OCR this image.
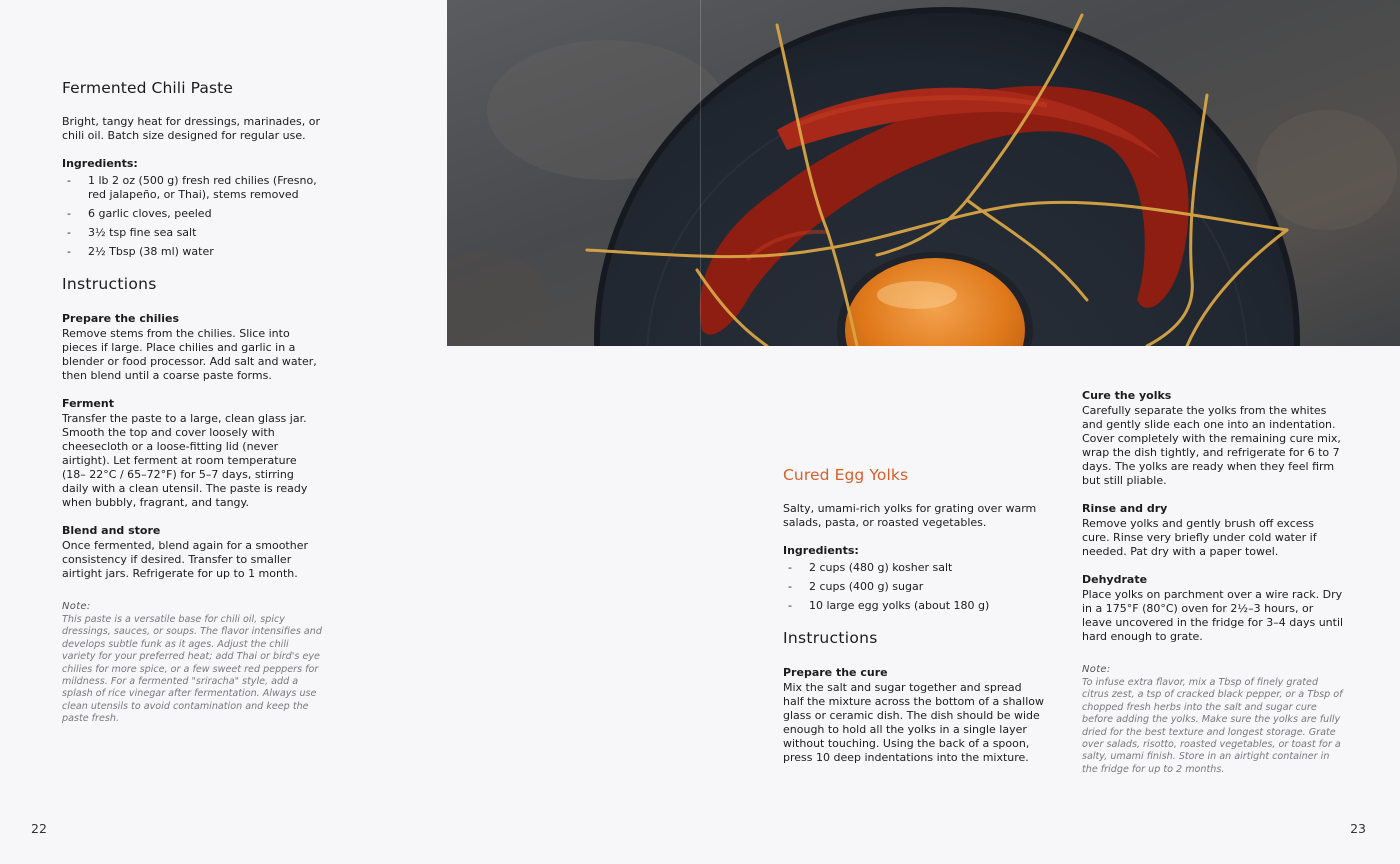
Fermented Chili Paste

Bright, tangy heat for dressings, marinades, or chili oil. Batch size designed for regular use.

Ingredients:
- 1 lb 2 oz (500 g) fresh red chilies (Fresno, red jalapeño, or Thai), stems removed
- 6 garlic cloves, peeled
- 3½ tsp fine sea salt
- 2½ Tbsp (38 ml) water
Instructions
Prepare the chilies
Remove stems from the chilies. Slice into pieces if large. Place chilies and garlic in a blender or food processor. Add salt and water, then blend until a coarse paste forms.
Ferment
Transfer the paste to a large, clean glass jar. Smooth the top and cover loosely with cheesecloth or a loose-fitting lid (never airtight). Let ferment at room temperature (18– 22°C / 65–72°F) for 5–7 days, stirring daily with a clean utensil. The paste is ready when bubbly, fragrant, and tangy.
Blend and store
Once fermented, blend again for a smoother consistency if desired. Transfer to smaller airtight jars. Refrigerate for up to 1 month.
Note:
This paste is a versatile base for chili oil, spicy dressings, sauces, or soups. The flavor intensifies and develops subtle funk as it ages. Adjust the chili variety for your preferred heat; add Thai or bird's eye chilies for more spice, or a few sweet red peppers for mildness. For a fermented "sriracha" style, add a splash of rice vinegar after fermentation. Always use clean utensils to avoid contamination and keep the paste fresh.
22
Cured Egg Yolks

Salty, umami-rich yolks for grating over warm salads, pasta, or roasted vegetables.

Ingredients:
- 2 cups (480 g) kosher salt
- 2 cups (400 g) sugar
- 10 large egg yolks (about 180 g)
Instructions
Prepare the cure
Mix the salt and sugar together and spread half the mixture across the bottom of a shallow glass or ceramic dish. The dish should be wide enough to hold all the yolks in a single layer without touching. Using the back of a spoon, press 10 deep indentations into the mixture.
Cure the yolks
Carefully separate the yolks from the whites and gently slide each one into an indentation. Cover completely with the remaining cure mix, wrap the dish tightly, and refrigerate for 6 to 7 days. The yolks are ready when they feel firm but still pliable.
Rinse and dry
Remove yolks and gently brush off excess cure. Rinse very briefly under cold water if needed. Pat dry with a paper towel.
Dehydrate
Place yolks on parchment over a wire rack. Dry in a 175°F (80°C) oven for 2½–3 hours, or leave uncovered in the fridge for 3–4 days until hard enough to grate.
Note:
To infuse extra flavor, mix a Tbsp of finely grated citrus zest, a tsp of cracked black pepper, or a Tbsp of chopped fresh herbs into the salt and sugar cure before adding the yolks. Make sure the yolks are fully dried for the best texture and longest storage. Grate over salads, risotto, roasted vegetables, or toast for a salty, umami finish. Store in an airtight container in the fridge for up to 2 months.
23
